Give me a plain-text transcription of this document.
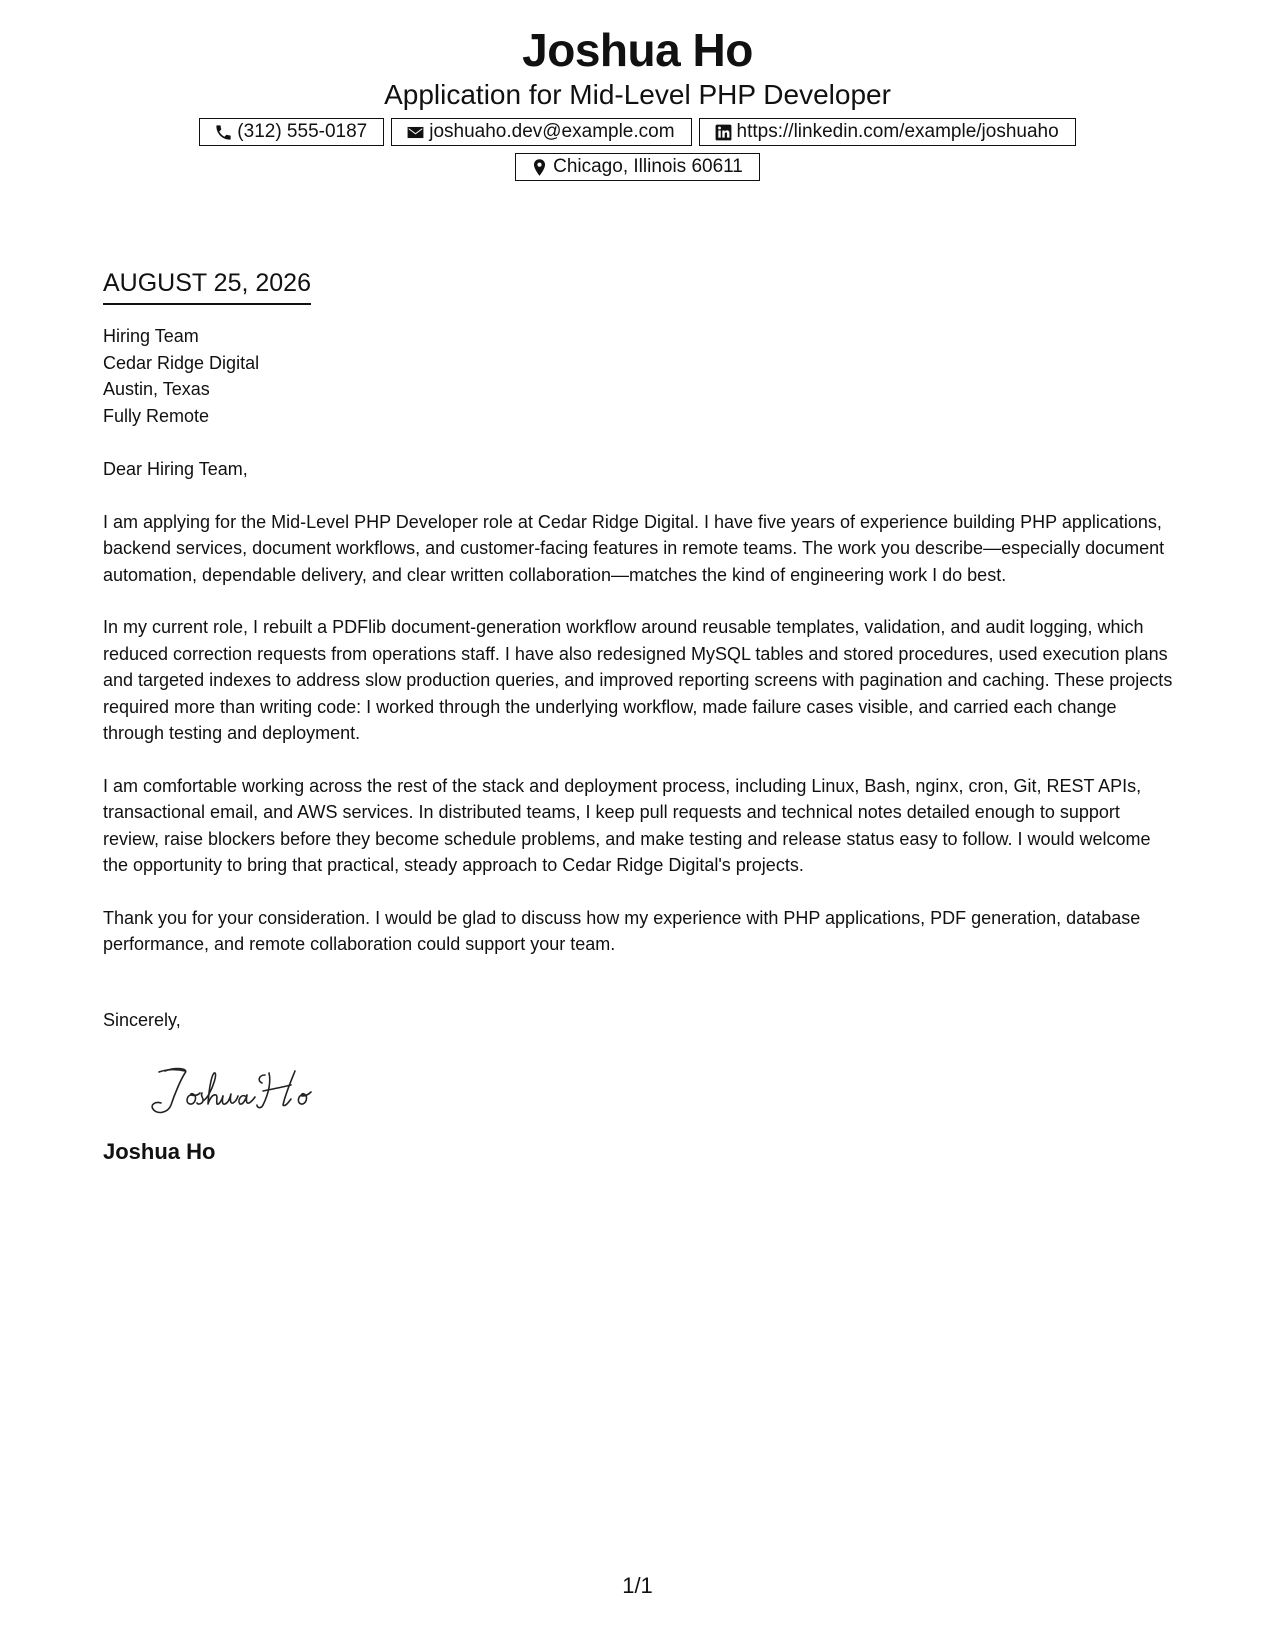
Joshua Ho
Application for Mid-Level PHP Developer
(312) 555-0187	joshuaho.dev@example.com	https://linkedin.com/example/joshuaho
Chicago, Illinois 60611
AUGUST 25, 2026
Hiring Team
Cedar Ridge Digital
Austin, Texas
Fully Remote
Dear Hiring Team,
I am applying for the Mid-Level PHP Developer role at Cedar Ridge Digital. I have five years of experience building PHP applications, backend services, document workflows, and customer-facing features in remote teams. The work you describe—especially document automation, dependable delivery, and clear written collaboration—matches the kind of engineering work I do best.
In my current role, I rebuilt a PDFlib document-generation workflow around reusable templates, validation, and audit logging, which reduced correction requests from operations staff. I have also redesigned MySQL tables and stored procedures, used execution plans and targeted indexes to address slow production queries, and improved reporting screens with pagination and caching. These projects required more than writing code: I worked through the underlying workflow, made failure cases visible, and carried each change through testing and deployment.
I am comfortable working across the rest of the stack and deployment process, including Linux, Bash, nginx, cron, Git, REST APIs, transactional email, and AWS services. In distributed teams, I keep pull requests and technical notes detailed enough to support review, raise blockers before they become schedule problems, and make testing and release status easy to follow. I would welcome the opportunity to bring that practical, steady approach to Cedar Ridge Digital's projects.
Thank you for your consideration. I would be glad to discuss how my experience with PHP applications, PDF generation, database performance, and remote collaboration could support your team.
Sincerely,
Joshua Ho
1/1
